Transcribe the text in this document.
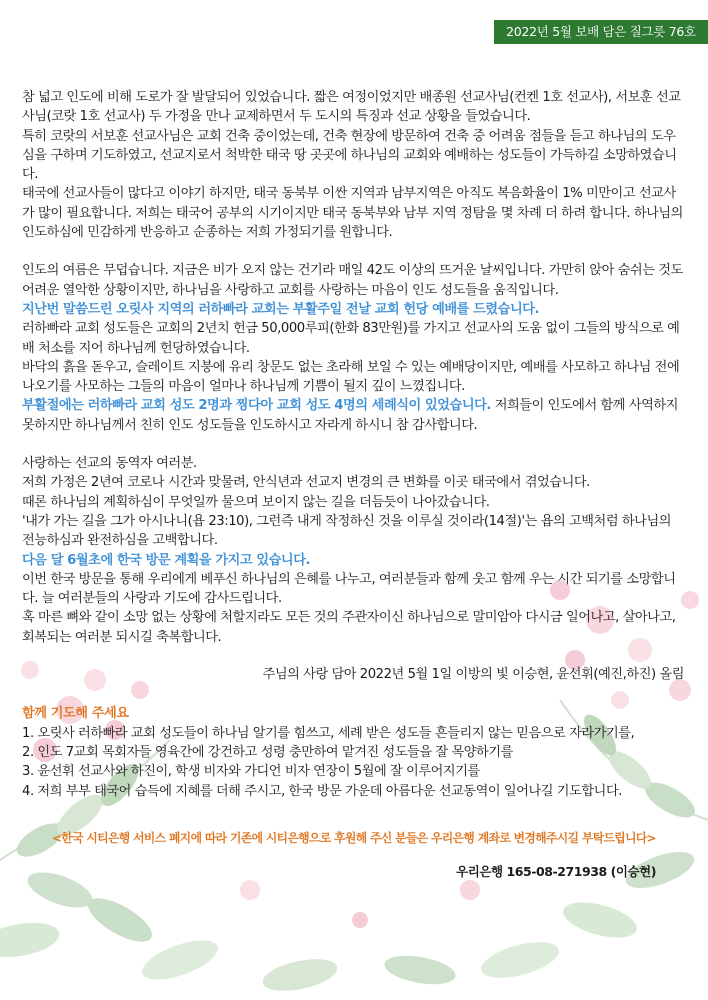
2022년 5월 보배 담은 질그릇 76호

참 넓고 인도에 비해 도로가 잘 발달되어 있었습니다. 짧은 여정이었지만 배종원 선교사님(컨켄 1호 선교사), 서보훈 선교사님(코랏 1호 선교사) 두 가정을 만나 교제하면서 두 도시의 특징과 선교 상황을 들었습니다.

특히 코랏의 서보훈 선교사님은 교회 건축 중이었는데, 건축 현장에 방문하여 건축 중 어려움 점들을 듣고 하나님의 도우심을 구하며 기도하였고, 선교지로서 척박한 태국 땅 곳곳에 하나님의 교회와 예배하는 성도들이 가득하길 소망하였습니다.

태국에 선교사들이 많다고 이야기 하지만, 태국 동북부 이싼 지역과 남부지역은 아직도 복음화율이 1% 미만이고 선교사가 많이 필요합니다. 저희는 태국어 공부의 시기이지만 태국 동북부와 남부 지역 정탐을 몇 차례 더 하려 합니다. 하나님의 인도하심에 민감하게 반응하고 순종하는 저희 가정되기를 원합니다.

인도의 여름은 무덥습니다. 지금은 비가 오지 않는 건기라 매일 42도 이상의 뜨거운 날씨입니다. 가만히 앉아 숨쉬는 것도 어려운 열악한 상황이지만, 하나님을 사랑하고 교회를 사랑하는 마음이 인도 성도들을 움직입니다.

지난번 말씀드린 오릿사 지역의 러하빠라 교회는 부활주일 전날 교회 헌당 예배를 드렸습니다.

러하빠라 교회 성도들은 교회의 2년치 헌금 50,000루피(한화 83만원)를 가지고 선교사의 도움 없이 그들의 방식으로 예배 처소를 지어 하나님께 헌당하였습니다.

바닥의 흙을 돋우고, 슬레이트 지붕에 유리 창문도 없는 초라해 보일 수 있는 예배당이지만, 예배를 사모하고 하나님 전에 나오기를 사모하는 그들의 마음이 얼마나 하나님께 기쁨이 될지 깊이 느꼈집니다.

부활절에는 러하빠라 교회 성도 2명과 찡다아 교회 성도 4명의 세례식이 있었습니다. 저희들이 인도에서 함께 사역하지 못하지만 하나님께서 친히 인도 성도들을 인도하시고 자라게 하시니 참 감사합니다.

사랑하는 선교의 동역자 여러분.

저희 가정은 2년여 코로나 시간과 맞물려, 안식년과 선교지 변경의 큰 변화를 이곳 태국에서 겪었습니다.

때론 하나님의 계획하심이 무엇일까 물으며 보이지 않는 길을 더듬듯이 나아갔습니다.

'내가 가는 길을 그가 아시나니(욥 23:10), 그런즉 내게 작정하신 것을 이루실 것이라(14절)'는 욥의 고백처럼 하나님의 전능하심과 완전하심을 고백합니다.

다음 달 6월초에 한국 방문 계획을 가지고 있습니다.

이번 한국 방문을 통해 우리에게 베푸신 하나님의 은혜를 나누고, 여러분들과 함께 웃고 함께 우는 시간 되기를 소망합니다. 늘 여러분들의 사랑과 기도에 감사드립니다.

혹 마른 뼈와 같이 소망 없는 상황에 처할지라도 모든 것의 주관자이신 하나님으로 말미암아 다시금 일어나고, 살아나고, 회복되는 여러분 되시길 축복합니다.

주님의 사랑 담아 2022년 5월 1일 이방의 빛 이승현, 윤선휘(예진,하진) 올림

함께 기도해 주세요

1. 오릿사 러하빠라 교회 성도들이 하나님 알기를 힘쓰고, 세례 받은 성도들 흔들리지 않는 믿음으로 자라가기를,

2. 인도 7교회 목회자들 영육간에 강건하고 성령 충만하여 맡겨진 성도들을 잘 목양하기를

3. 윤선휘 선교사와 하진이, 학생 비자와 가디언 비자 연장이 5월에 잘 이루어지기를

4. 저희 부부 태국어 습득에 지혜를 더해 주시고, 한국 방문 가운데 아름다운 선교동역이 일어나길 기도합니다.

<한국 시티은행 서비스 폐지에 따라 기존에 시티은행으로 후원해 주신 분들은 우리은행 계좌로 변경해주시길 부탁드립니다>

우리은행 165-08-271938 (이승현)
